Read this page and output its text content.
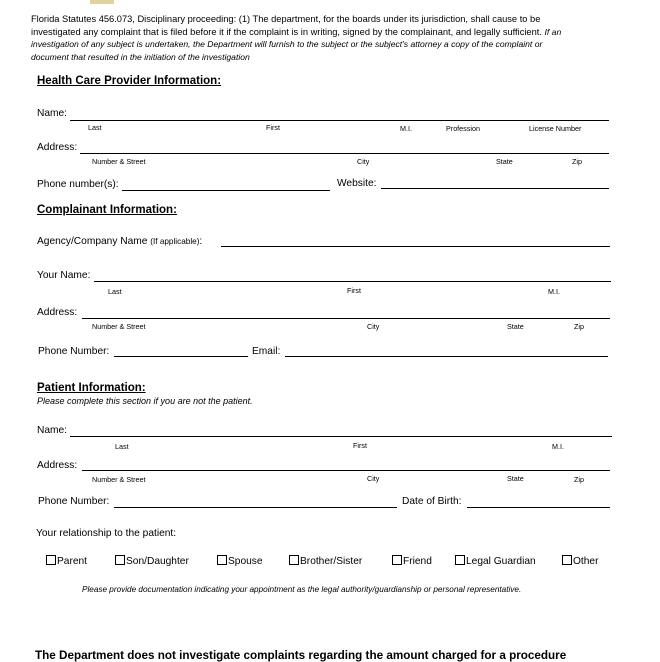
Florida Statutes 456.073, Disciplinary proceeding: (1) The department, for the boards under its jurisdiction, shall cause to be
investigated any complaint that is filed before it if the complaint is in writing, signed by the complainant, and legally sufficient. If an
investigation of any subject is undertaken, the Department will furnish to the subject or the subject's attorney a copy of the complaint or
document that resulted in the initiation of the investigation
Health Care Provider Information:
Name:
Last	First	M.I.	Profession	License Number
Address:
Number & Street	City	State	Zip
Phone number(s):	Website:
Complainant Information:
Agency/Company Name (If applicable):
Your Name:
Last	First	M.I.
Address:
Number & Street	City	State	Zip
Phone Number:	Email:
Patient Information:
Please complete this section if you are not the patient.
Name:
Last	First	M.I.
Address:
Number & Street	City	State	Zip
Phone Number:	Date of Birth:
Your relationship to the patient:
Parent	Son/Daughter	Spouse	Brother/Sister	Friend	Legal Guardian	Other
Please provide documentation indicating your appointment as the legal authority/guardianship or personal representative.
The Department does not investigate complaints regarding the amount charged for a procedure
